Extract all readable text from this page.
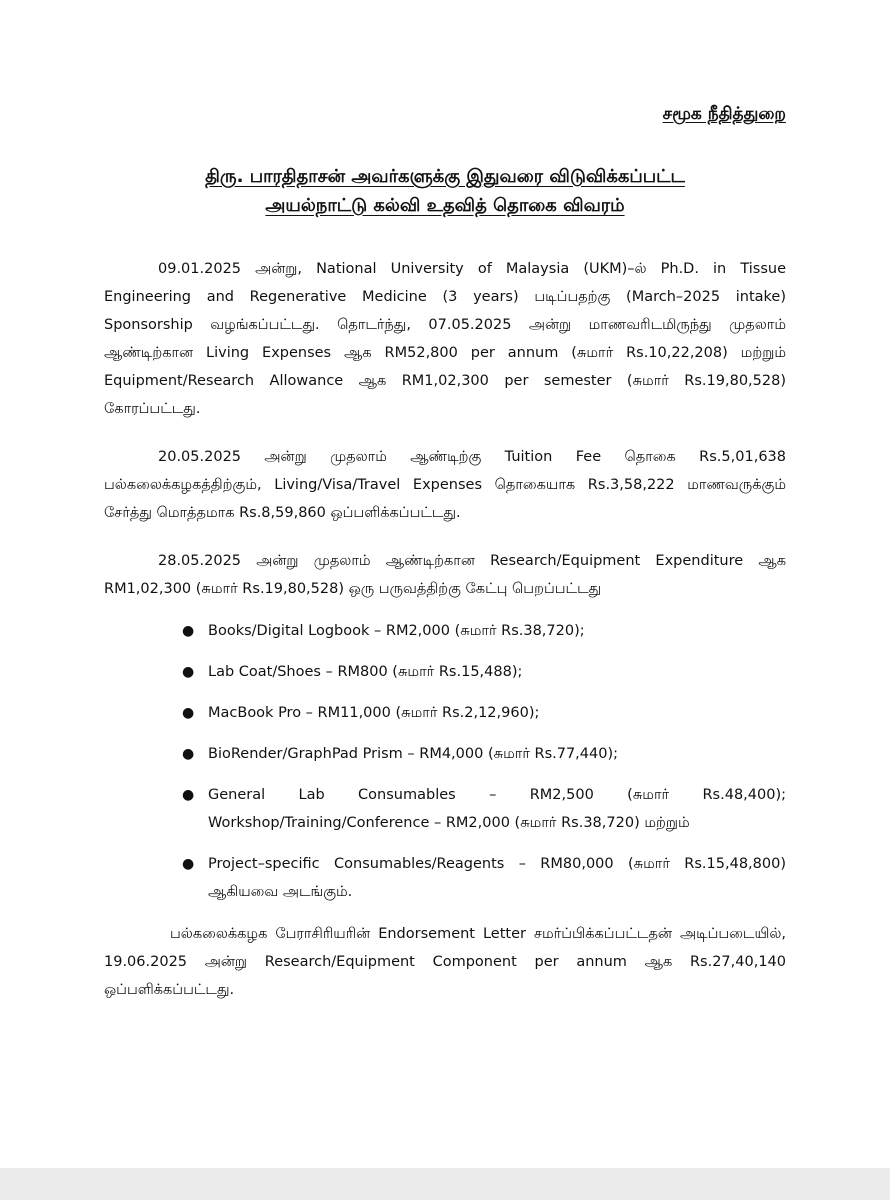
சமூக நீதித்துறை

திரு. பாரதிதாசன் அவர்களுக்கு இதுவரை விடுவிக்கப்பட்ட
அயல்நாட்டு கல்வி உதவித் தொகை விவரம்

09.01.2025 அன்று, National University of Malaysia (UKM)–ல் Ph.D. in Tissue Engineering and Regenerative Medicine (3 years) படிப்பதற்கு (March–2025 intake) Sponsorship வழங்கப்பட்டது. தொடர்ந்து, 07.05.2025 அன்று மாணவரிடமிருந்து முதலாம் ஆண்டிற்கான Living Expenses ஆக RM52,800 per annum (சுமார் Rs.10,22,208) மற்றும் Equipment/Research Allowance ஆக RM1,02,300 per semester (சுமார் Rs.19,80,528) கோரப்பட்டது.

20.05.2025 அன்று முதலாம் ஆண்டிற்கு Tuition Fee தொகை Rs.5,01,638 பல்கலைக்கழகத்திற்கும், Living/Visa/Travel Expenses தொகையாக Rs.3,58,222 மாணவருக்கும் சேர்த்து மொத்தமாக Rs.8,59,860 ஒப்பளிக்கப்பட்டது.

28.05.2025 அன்று முதலாம் ஆண்டிற்கான Research/Equipment Expenditure ஆக RM1,02,300 (சுமார் Rs.19,80,528) ஒரு பருவத்திற்கு கேட்பு பெறப்பட்டது

● Books/Digital Logbook – RM2,000 (சுமார் Rs.38,720);
● Lab Coat/Shoes – RM800 (சுமார் Rs.15,488);
● MacBook Pro – RM11,000 (சுமார் Rs.2,12,960);
● BioRender/GraphPad Prism – RM4,000 (சுமார் Rs.77,440);
● General Lab Consumables – RM2,500 (சுமார் Rs.48,400); Workshop/Training/Conference – RM2,000 (சுமார் Rs.38,720) மற்றும்
● Project–specific Consumables/Reagents – RM80,000 (சுமார் Rs.15,48,800) ஆகியவை அடங்கும்.

பல்கலைக்கழக பேராசிரியரின் Endorsement Letter சமர்ப்பிக்கப்பட்டதன் அடிப்படையில், 19.06.2025 அன்று Research/Equipment Component per annum ஆக Rs.27,40,140 ஒப்பளிக்கப்பட்டது.
